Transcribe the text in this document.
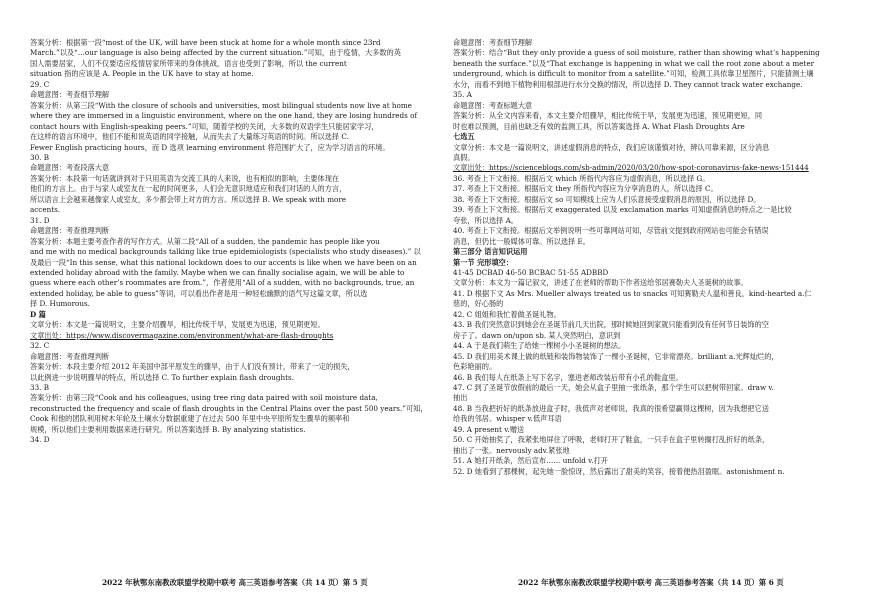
答案分析：根据第一段“most of the UK, will have been stuck at home for a whole month since 23rd
March.”以及“…our language is also being affected by the current situation.”可知，由于疫情，大多数的英
国人需要居家，人们不仅要适应疫情居家所带来的身体挑战，语言也受到了影响，所以 the current
situation 指的应该是 A. People in the UK have to stay at home.
29. C
命题意图：考查细节理解
答案分析：从第三段“With the closure of schools and universities, most bilingual students now live at home
where they are immersed in a linguistic environment, where on the one hand, they are losing hundreds of
contact hours with English-speaking peers.”可知，随着学校的关闭，大多数的双语学生只能居家学习，
在这样的语言环境中，他们不能和说英语的同学接触，从而失去了大量练习英语的时间。所以选择 C.
Fewer English practicing hours，而 D 选项 learning environment 将范围扩大了，应为学习语言的环境。
30. B
命题意图：考查段落大意
答案分析：本段第一句话就讲到对于只用英语为交流工具的人来说，也有相似的影响，主要体现在
他们的方言上。由于与家人或室友在一起的时间更多，人们会无意识地适应和我们对话的人的方言，
所以语言上会越来越像家人或室友，多少都会带上对方的方言。所以选择 B. We speak with more
accents.
31. D
命题意图：考查推理判断
答案分析：本题主要考查作者的写作方式。从第二段“All of a sudden, the pandemic has people like you
and me with no medical backgrounds talking like true epidemiologists (specialists who study diseases).” 以
及最后一段“In this sense, what this national lockdown does to our accents is like when we have been on an
extended holiday abroad with the family. Maybe when we can finally socialise again, we will be able to
guess where each other’s roommates are from.”，作者使用“All of a sudden, with no backgrounds, true, an
extended holiday, be able to guess”等词，可以看出作者是用一种轻松幽默的语气写这篇文章，所以选
择 D. Humorous.
D 篇
文章分析：本文是一篇说明文，主要介绍骤旱，相比传统干旱，发展更为迅速，预见期更短。
文章出处：https://www.discovermagazine.com/environment/what-are-flash-droughts
32. C
命题意图：考查推理判断
答案分析：本段主要介绍 2012 年美国中部平原发生的骤旱，由于人们没有预计，带来了一定的损失，
以此例进一步说明骤旱的特点，所以选择 C. To further explain flash droughts.
33. B
答案分析：由第三段“Cook and his colleagues, using tree ring data paired with soil moisture data,
reconstructed the frequency and scale of flash droughts in the Central Plains over the past 500 years.”可知，
Cook 和他的团队利用树木年轮及土壤水分数据重建了在过去 500 年里中央平原所发生骤旱的频率和
规模，所以他们主要利用数据来进行研究。所以答案选择 B. By analyzing statistics.
34. D
命题意图：考查细节理解
答案分析：结合“But they only provide a guess of soil moisture, rather than showing what’s happening
beneath the surface.”以及“That exchange is happening in what we call the root zone about a meter
underground, which is difficult to monitor from a satellite.”可知，检测工具依靠卫星图片，只能猜测土壤
水分，而看不到地下植物利用根部进行水分交换的情况，所以选择 D. They cannot track water exchange.
35. A
命题意图：考查标题大意
答案分析：从全文内容来看，本文主要介绍骤旱，相比传统干旱，发展更为迅速，预见期更短，同
时也难以预测，目前也缺乏有效的监测工具，所以答案选择 A. What Flash Droughts Are
七选五
文章分析：本文是一篇说明文，讲述虚假消息的特点，我们应该谨慎对待，辨认可靠来源，区分消息
真假。
文章出处：https://scienceblogs.com/sb-admin/2020/03/20/how-spot-coronavirus-fake-news-151444
36. 考查上下文衔接。根据后文 which 所指代内容应为虚假消息，所以选择 G。
37. 考查上下文衔接。根据后文 they 所指代内容应为分享消息的人，所以选择 C。
38. 考查上下文衔接。根据后文 so 可知模线上应为人们乐意接受虚假消息的原因，所以选择 D。
39. 考查上下文衔接。根据后文 exaggerated 以及 exclamation marks 可知虚假消息的特点之一是比较
夸张，所以选择 A。
40. 考查上下文衔接。根据后文举例说明一些可靠网站可知，尽管前文提到政府网站也可能会有错误
消息，但仍比一般媒体可靠。所以选择 E。
第三部分 语言知识运用
第一节 完形填空：
41-45 DCBAD 46-50 BCBAC 51-55 ADBBD
文章分析：本文为一篇记叙文，讲述了在老师的帮助下作者送给邻居赛勒夫人圣诞树的故事。
41. D 根据下文 As Mrs. Mueller always treated us to snacks 可知赛勒夫人温和善良，kind-hearted a.仁
慈的，好心肠的
42. C 姐姐和我忙着做圣诞礼物。
43. B 我们突然意识到她会在圣诞节前几天出院，那时候她回到家就只能看到没有任何节日装饰的空
房子了。dawn on/upon sb. 某人突然明白，意识到
44. A 于是我们萌生了给她一棵树小小圣诞树的想法。
45. D 我们用美术课上做的纸链和装饰物装饰了一棵小圣诞树，它非常漂亮。brilliant a.光辉灿烂的，
色彩艳丽的。
46. B 我们每人在纸条上写下名字，塞进老师改装后带有小孔的鞋盒里。
47. C 到了圣诞节放假前的最后一天，她会从盒子里抽一张纸条，那个学生可以把树带回家。draw v.
抽出
48. B 当我把折好的纸条放进盒子时，我低声对老师说，我真的很希望赢得这棵树，因为我想把它送
给我的邻居。whisper v.低声耳语
49. A present v.赠送
50. C 开始抽奖了，我紧张地屏住了呼吸，老师打开了鞋盒，一只手在盒子里转搁打乱折好的纸条，
抽出了一张。nervously adv.紧张地
51. A 她打开纸条，然后宣布…… unfold v.打开
52. D 她看到了那棵树，起先她一脸惊讶，然后露出了甜美的笑容，接着便热泪盈眶。astonishment n.
2022 年秋鄂东南教改联盟学校期中联考 高三英语参考答案（共 14 页）第 5 页	2022 年秋鄂东南教改联盟学校期中联考 高三英语参考答案（共 14 页）第 6 页
